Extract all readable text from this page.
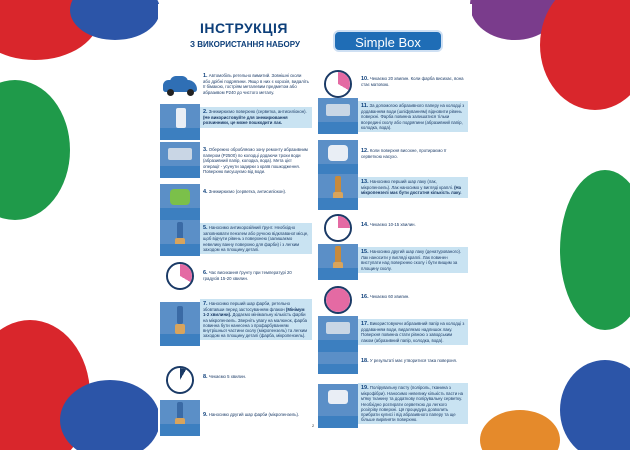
ІНСТРУКЦІЯ
З ВИКОРИСТАННЯ НАБОРУ	Simple Box
1. Автомобіль ретельно вимитий. Зовнішні сколи або дрібні подряпини. Якщо в них є корозія, видаліть її бімакою, гостріям металевим предметом або абразивом P240 до чистого металу.
2. Знежирюємо поверхню (серветка, антисиліокон). (Не використовуйте для знежирювання розчинники, це може пошкодити лак.
3. Обережно обробляємо зону ремонту абразивним папером (P2500) по колодці додаючи трохи води (абразивний папір, колодка, вода). Мета цієї операції - усунути задирки з країв пошкодження. Поверхню висушуємо від води.
4. Знежирюємо (серветка, антисиліокон).
5. Наносимо антикорозійний ґрунт. Необхідно заповнювати пензлем або ручкою відклаваної місце, щоб відчути рівень з поверхнею (залишаємо невелику ванну поверхню для фарби) і з легким заходом на площину деталі.
6. Час висихання ґрунту при температурі 20 градусів 15-20 хвилин.
7. Наносимо перший шар фарби, ретельно збовтавши перед застосуванням флакон (Мінімум 1-2 хвилини). Додаємо мінімальну кількість фарби на мікропензель. Зверніть увагу на малюнок, фарба повинна бути нанесена з профарбуванням внутрішньої частини сколу (мікропензель) та легким заходом на площину деталі (фарба, мікропензель).
8. Чекаємо 5 хвилин.
9. Наносимо другий шар фарби (мікропензель).
10. Чекаємо 20 хвилин. Коли фарба висихає, вона стає матовою.
11. За допомогою абразивного паперу на колодці з додаванням води (шліфуванням) відновити рівень поверхні. Фарба повинна залишатися тільки всередині сколу або подряпини (абразивний папір, колодка, вода).
12. Коли поверхня висохне, протираємо її серветкою насухо.
13. Наносимо перший шар лаку (лак, мікропензель). Лак наносимо у вигляді краплі. (На мікропензелі має бути достатня кількість лаку.
14. Чекаємо 10-15 хвилин.
15. Наносимо другий шар лаку (денатурованого). Лак наносити у вигляді краплі. Лак повинен виступати над поверхнею сколу і бути вищим за площину сколу.
16. Чекаємо 60 хвилин.
17. Використовуючи абразивний папір на колодці з додаванням води, видаляємо надлишок лаку. Поверхня повинна стати рівною з заводським лаком (абразивний папір, колодка, вода).
18. У результаті має утворитися така поверхня.
19. Полірувальну пасту (поліроль, тканина з мікрофібри). Наносимо невелику кількість пасти на м'яку тканину та додаткову полірувальну серветку. Необхідно розтирати серветкою до легкого розігріву поверхні. Ця процедура дозволить прибрати кулисі і від абразивного паперу та ще більше вирівняти поверхню.
2
